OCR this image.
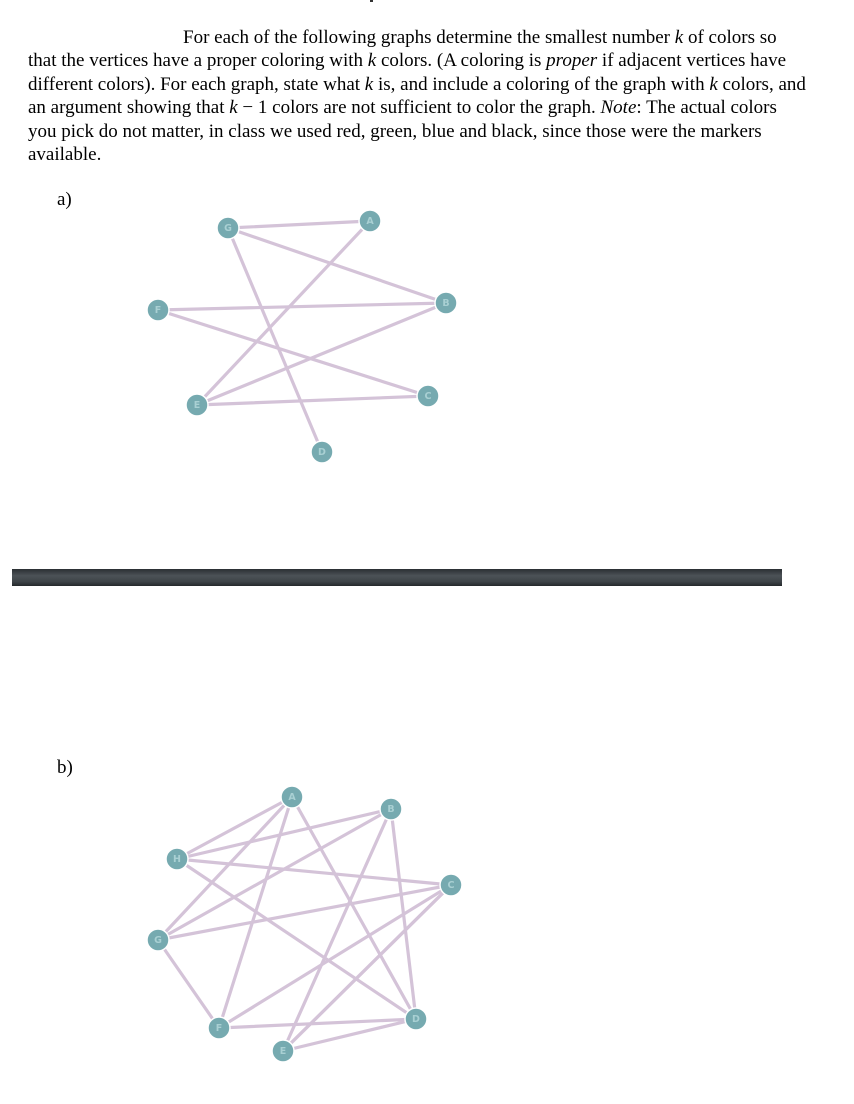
For each of the following graphs determine the smallest number k of colors so that the vertices have a proper coloring with k colors. (A coloring is proper if adjacent vertices have different colors). For each graph, state what k is, and include a coloring of the graph with k colors, and an argument showing that k − 1 colors are not sufficient to color the graph. Note: The actual colors you pick do not matter, in class we used red, green, blue and black, since those were the markers available.

a)
G
A
F
B
E
C
D
b)
A
B
H
C
G
D
F
E
